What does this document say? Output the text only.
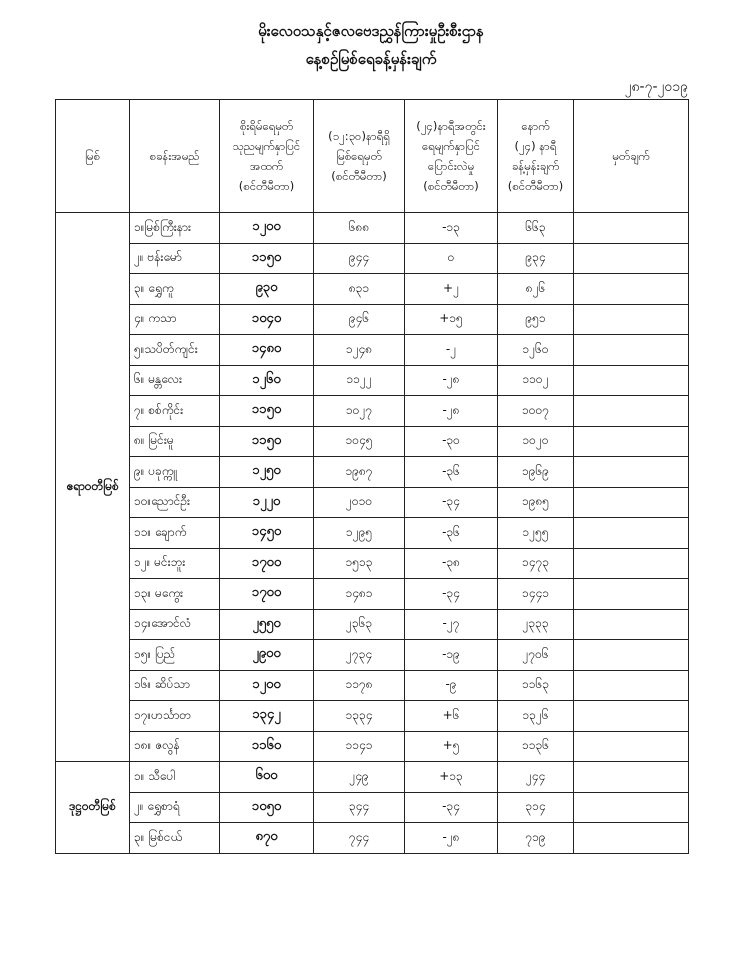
မိုးလေဝသနှင့်ဇလဗေဒညွှန်ကြားမှုဦးစီးဌာန
နေ့စဉ်မြစ်ရေခန့်မှန်းချက်
၂၈-၇-၂၀၁၉
မြစ်	စခန်းအမည်	စိုးရိမ်ရေမှတ်
သုညမျက်နှာပြင်
အထက်
(စင်တီမီတာ)	(၁၂:၃၀)နာရီရှိ
မြစ်ရေမှတ်
(စင်တီမီတာ)	(၂၄)နာရီအတွင်း
ရေမျက်နှာပြင်
ပြောင်းလဲမှု
(စင်တီမီတာ)	နောက်
(၂၄) နာရီ
ခန့်မှန်းချက်
(စင်တီမီတာ)	မှတ်ချက်
ဧရာဝတီမြစ်	၁။မြစ်ကြီးနား	၁၂၀၀	၆၈၈	-၁၃	၆၆၃	
	၂။ ဗန်းမော်	၁၁၅၀	၉၄၄	၀	၉၃၄	
	၃။ ရွှေကူ	၉၃၀	၈၃၁	+၂	၈၂၆	
	၄။ ကသာ	၁၀၄၀	၉၄၆	+၁၅	၉၅၁	
	၅။သပိတ်ကျင်း	၁၄၈၀	၁၂၄၈	-၂	၁၂၆၀	
	၆။ မန္တလေး	၁၂၆၀	၁၁၂၂	-၂၈	၁၁၀၂	
	၇။ စစ်ကိုင်း	၁၁၅၀	၁၀၂၇	-၂၈	၁၀၀၇	
	၈။ မြင်းမူ	၁၁၅၀	၁၀၄၅	-၃၀	၁၀၂၀	
	၉။ ပခုက္ကူ	၁၂၅၀	၁၉၈၇	-၃၆	၁၉၆၉	
	၁၀။ညောင်ဦး	၁၂၂၀	၂၀၁၀	-၃၄	၁၉၈၅	
	၁၁။ ချောက်	၁၄၅၀	၁၂၉၅	-၃၆	၁၂၅၅	
	၁၂။ မင်းဘူး	၁၇၀၀	၁၅၁၃	-၃၈	၁၄၇၃	
	၁၃။ မကွေး	၁၇၀၀	၁၄၈၁	-၃၄	၁၄၄၁	
	၁၄။အောင်လံ	၂၅၅၀	၂၃၆၃	-၂၇	၂၃၃၃	
	၁၅။ ပြည်	၂၉၀၀	၂၇၃၄	-၁၉	၂၇၀၆	
	၁၆။ ဆိပ်သာ	၁၂၀၀	၁၁၇၈	-၉	၁၁၆၃	
	၁၇။ဟင်္သာတ	၁၃၄၂	၁၃၃၄	+၆	၁၃၂၆	
	၁၈။ ဇလွန်	၁၁၆၀	၁၁၄၁	+၅	၁၁၃၆	
ဒုဋ္ဌဝတီမြစ်	၁။ သီပေါ	၆၀၀	၂၄၉	+၁၃	၂၄၄	
	၂။ ရွှေစာရံ	၁၀၅၀	၃၄၄	-၃၄	၃၁၄	
	၃။ မြစ်ငယ်	၈၇၀	၇၄၄	-၂၈	၇၁၉	
